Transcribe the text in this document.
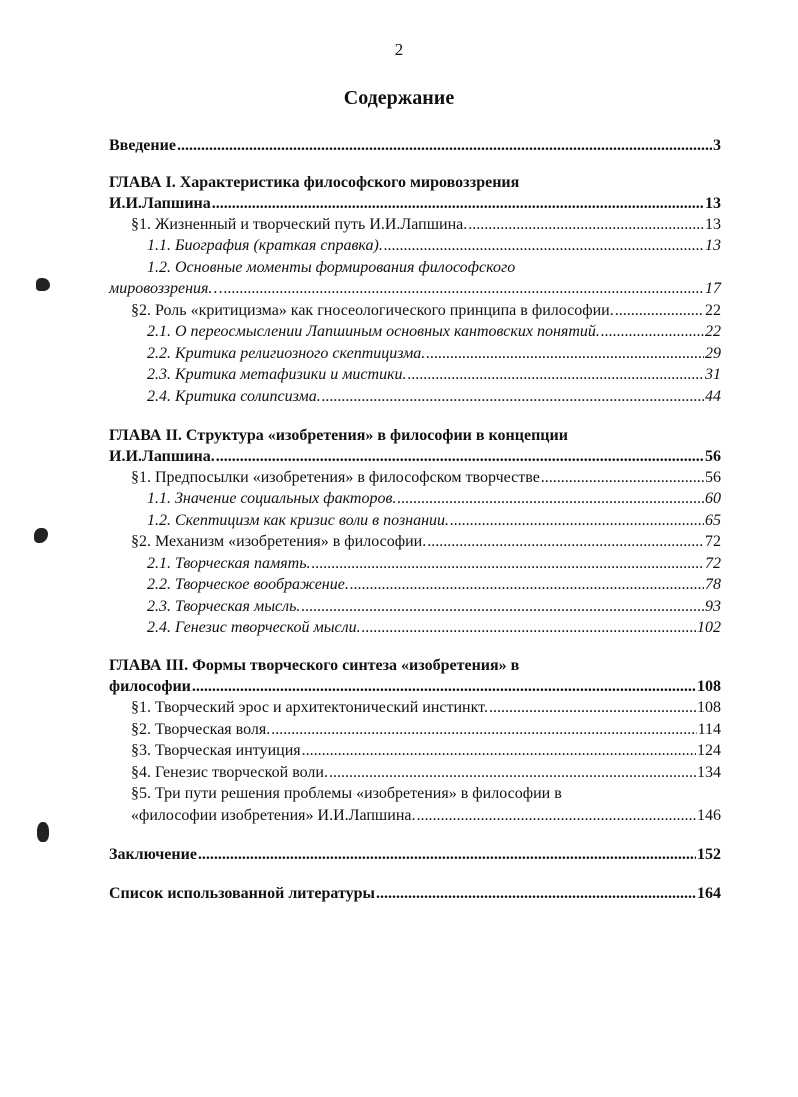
2
Содержание
Введение . . .	3
ГЛАВА I. Характеристика философского мировоззрения
И.И.Лапшина . . .	13
§1. Жизненный и творческий путь И.И.Лапшина. . . .	13
1.1. Биография (краткая справка). . . .	13
1.2. Основные моменты формирования философского
мировоззрения… . . .	17
§2. Роль «критицизма» как гносеологического принципа в философии. . . .	22
2.1. О переосмыслении Лапшиным основных кантовских понятий. . . .	22
2.2. Критика религиозного скептицизма. . . .	29
2.3. Критика метафизики и мистики. . . .	31
2.4. Критика солипсизма. . . .	44
ГЛАВА II. Структура «изобретения» в философии в концепции
И.И.Лапшина. . . .	56
§1. Предпосылки «изобретения» в философском творчестве . . .	56
1.1. Значение социальных факторов. . . .	60
1.2. Скептицизм как кризис воли в познании. . . .	65
§2. Механизм «изобретения» в философии. . . .	72
2.1. Творческая память. . . .	72
2.2. Творческое воображение. . . .	78
2.3. Творческая мысль. . . .	93
2.4. Генезис творческой мысли. . . .	102
ГЛАВА III. Формы творческого синтеза «изобретения» в
философии . . .	108
§1. Творческий эрос и архитектонический инстинкт. . . .	108
§2. Творческая воля. . . .	114
§3. Творческая интуиция . . .	124
§4. Генезис творческой воли. . . .	134
§5. Три пути решения проблемы «изобретения» в философии в
«философии изобретения» И.И.Лапшина. . . .	146
Заключение . . .	152
Список использованной литературы . . .	164
